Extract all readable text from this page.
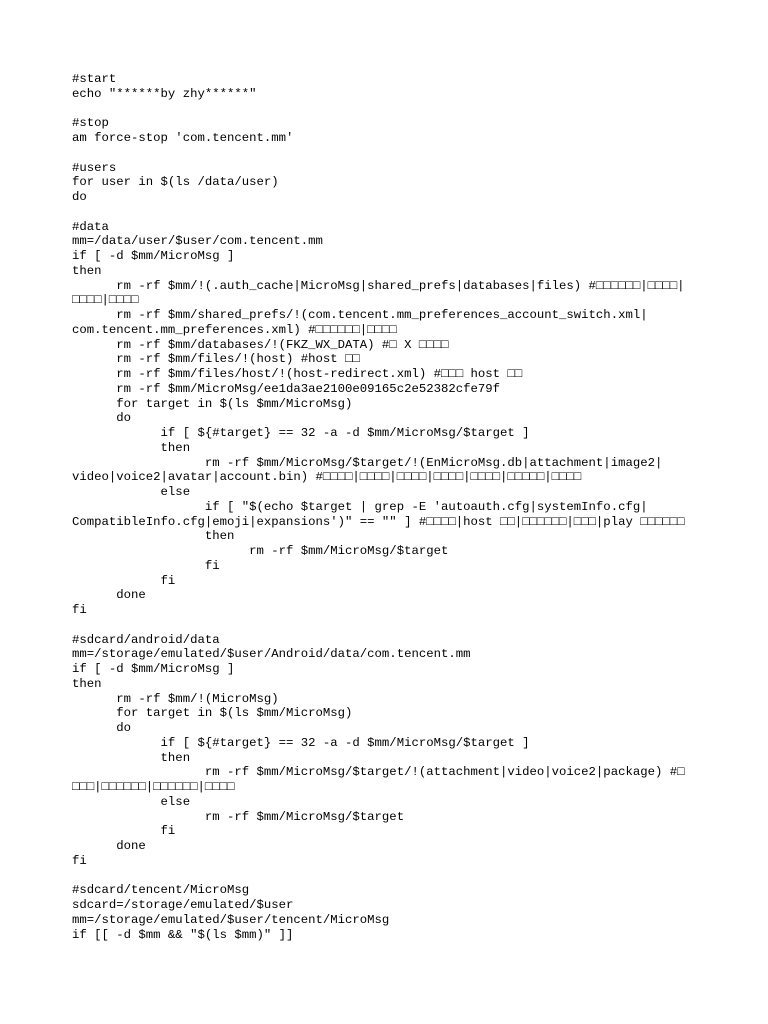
#start
echo "******by zhy******"
#stop
am force-stop 'com.tencent.mm'
#users
for user in $(ls /data/user)
do
#data
mm=/data/user/$user/com.tencent.mm
if [ -d $mm/MicroMsg ]
then
rm -rf $mm/!(.auth_cache|MicroMsg|shared_prefs|databases|files) #□□□□□□|□□□□|
□□□□|□□□□
rm -rf $mm/shared_prefs/!(com.tencent.mm_preferences_account_switch.xml|
com.tencent.mm_preferences.xml) #□□□□□□|□□□□
rm -rf $mm/databases/!(FKZ_WX_DATA) #□ X □□□□
rm -rf $mm/files/!(host) #host □□
rm -rf $mm/files/host/!(host-redirect.xml) #□□□ host □□
rm -rf $mm/MicroMsg/ee1da3ae2100e09165c2e52382cfe79f
for target in $(ls $mm/MicroMsg)
do
if [ ${#target} == 32 -a -d $mm/MicroMsg/$target ]
then
rm -rf $mm/MicroMsg/$target/!(EnMicroMsg.db|attachment|image2|
video|voice2|avatar|account.bin) #□□□□|□□□□|□□□□|□□□□|□□□□|□□□□□|□□□□
else
if [ "$(echo $target | grep -E 'autoauth.cfg|systemInfo.cfg|
CompatibleInfo.cfg|emoji|expansions')" == "" ] #□□□□|host □□|□□□□□□|□□□|play □□□□□□
then
rm -rf $mm/MicroMsg/$target
fi
fi
done
fi
#sdcard/android/data
mm=/storage/emulated/$user/Android/data/com.tencent.mm
if [ -d $mm/MicroMsg ]
then
rm -rf $mm/!(MicroMsg)
for target in $(ls $mm/MicroMsg)
do
if [ ${#target} == 32 -a -d $mm/MicroMsg/$target ]
then
rm -rf $mm/MicroMsg/$target/!(attachment|video|voice2|package) #□
□□□|□□□□□□|□□□□□□|□□□□
else
rm -rf $mm/MicroMsg/$target
fi
done
fi
#sdcard/tencent/MicroMsg
sdcard=/storage/emulated/$user
mm=/storage/emulated/$user/tencent/MicroMsg
if [[ -d $mm && "$(ls $mm)" ]]
